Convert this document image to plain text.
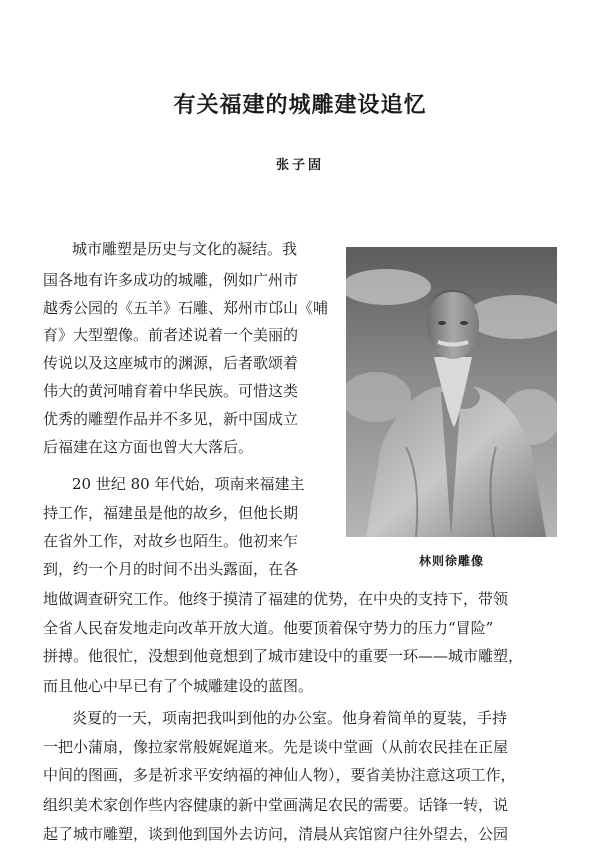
有关福建的城雕建设追忆
张子固
林则徐雕像
城市雕塑是历史与文化的凝结。我
国各地有许多成功的城雕，例如广州市
越秀公园的《五羊》石雕、郑州市邙山《哺
育》大型塑像。前者述说着一个美丽的
传说以及这座城市的渊源，后者歌颂着
伟大的黄河哺育着中华民族。可惜这类
优秀的雕塑作品并不多见，新中国成立
后福建在这方面也曾大大落后。
20 世纪 80 年代始，项南来福建主
持工作，福建虽是他的故乡，但他长期
在省外工作，对故乡也陌生。他初来乍
到，约一个月的时间不出头露面，在各
地做调查研究工作。他终于摸清了福建的优势，在中央的支持下，带领
全省人民奋发地走向改革开放大道。他要顶着保守势力的压力“冒险”
拼搏。他很忙，没想到他竟想到了城市建设中的重要一环——城市雕塑，
而且他心中早已有了个城雕建设的蓝图。
炎夏的一天，项南把我叫到他的办公室。他身着简单的夏装，手持
一把小蒲扇，像拉家常般娓娓道来。先是谈中堂画（从前农民挂在正屋
中间的图画，多是祈求平安纳福的神仙人物），要省美协注意这项工作，
组织美术家创作些内容健康的新中堂画满足农民的需要。话锋一转，说
起了城市雕塑，谈到他到国外去访问，清晨从宾馆窗户往外望去，公园
